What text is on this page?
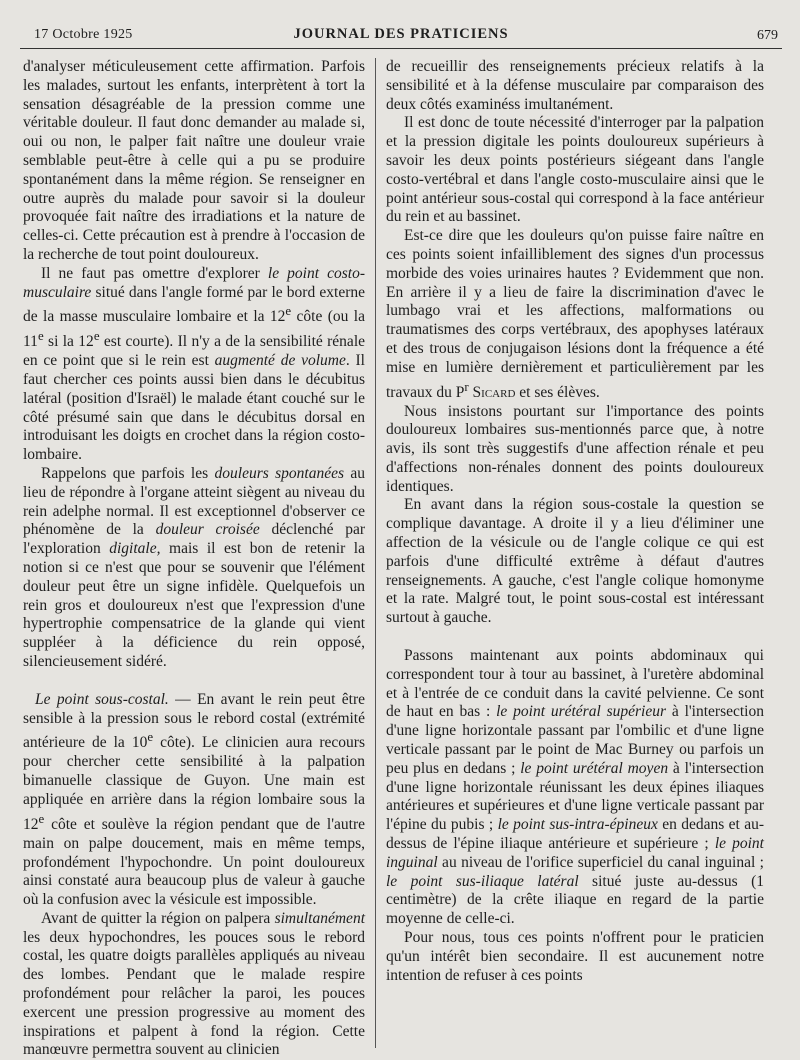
17 Octobre 1925	JOURNAL DES PRATICIENS	679

d'analyser méticuleusement cette affirmation. Parfois les malades, surtout les enfants, interprètent à tort la sensation désagréable de la pression comme une véritable douleur. Il faut donc demander au malade si, oui ou non, le palper fait naître une douleur vraie semblable peut-être à celle qui a pu se produire spontanément dans la même région. Se renseigner en outre auprès du malade pour savoir si la douleur provoquée fait naître des irradiations et la nature de celles-ci. Cette précaution est à prendre à l'occasion de la recherche de tout point douloureux.

Il ne faut pas omettre d'explorer le point costo-musculaire situé dans l'angle formé par le bord externe de la masse musculaire lombaire et la 12e côte (ou la 11e si la 12e est courte). Il n'y a de la sensibilité rénale en ce point que si le rein est augmenté de volume. Il faut chercher ces points aussi bien dans le décubitus latéral (position d'Israël) le malade étant couché sur le côté présumé sain que dans le décubitus dorsal en introduisant les doigts en crochet dans la région costo-lombaire.

Rappelons que parfois les douleurs spontanées au lieu de répondre à l'organe atteint siègent au niveau du rein adelphe normal. Il est exceptionnel d'observer ce phénomène de la douleur croisée déclenché par l'exploration digitale, mais il est bon de retenir la notion si ce n'est que pour se souvenir que l'élément douleur peut être un signe infidèle. Quelquefois un rein gros et douloureux n'est que l'expression d'une hypertrophie compensatrice de la glande qui vient suppléer à la déficience du rein opposé, silencieusement sidéré.

Le point sous-costal. — En avant le rein peut être sensible à la pression sous le rebord costal (extrémité antérieure de la 10e côte). Le clinicien aura recours pour chercher cette sensibilité à la palpation bimanuelle classique de Guyon. Une main est appliquée en arrière dans la région lombaire sous la 12e côte et soulève la région pendant que de l'autre main on palpe doucement, mais en même temps, profondément l'hypochondre. Un point douloureux ainsi constaté aura beaucoup plus de valeur à gauche où la confusion avec la vésicule est impossible.

Avant de quitter la région on palpera simultanément les deux hypochondres, les pouces sous le rebord costal, les quatre doigts parallèles appliqués au niveau des lombes. Pendant que le malade respire profondément pour relâcher la paroi, les pouces exercent une pression progressive au moment des inspirations et palpent à fond la région. Cette manœuvre permettra souvent au clinicien

de recueillir des renseignements précieux relatifs à la sensibilité et à la défense musculaire par comparaison des deux côtés examinéss imultanément.

Il est donc de toute nécessité d'interroger par la palpation et la pression digitale les points douloureux supérieurs à savoir les deux points postérieurs siégeant dans l'angle costo-vertébral et dans l'angle costo-musculaire ainsi que le point antérieur sous-costal qui correspond à la face antérieur du rein et au bassinet.

Est-ce dire que les douleurs qu'on puisse faire naître en ces points soient infailliblement des signes d'un processus morbide des voies urinaires hautes ? Evidemment que non. En arrière il y a lieu de faire la discrimination d'avec le lumbago vrai et les affections, malformations ou traumatismes des corps vertébraux, des apophyses latéraux et des trous de conjugaison lésions dont la fréquence a été mise en lumière dernièrement et particulièrement par les travaux du $P^r$ Sicard et ses élèves.

Nous insistons pourtant sur l'importance des points douloureux lombaires sus-mentionnés parce que, à notre avis, ils sont très suggestifs d'une affection rénale et peu d'affections non-rénales donnent des points douloureux identiques.

En avant dans la région sous-costale la question se complique davantage. A droite il y a lieu d'éliminer une affection de la vésicule ou de l'angle colique ce qui est parfois d'une difficulté extrême à défaut d'autres renseignements. A gauche, c'est l'angle colique homonyme et la rate. Malgré tout, le point sous-costal est intéressant surtout à gauche.

Passons maintenant aux points abdominaux qui correspondent tour à tour au bassinet, à l'uretère abdominal et à l'entrée de ce conduit dans la cavité pelvienne. Ce sont de haut en bas : le point urétéral supérieur à l'intersection d'une ligne horizontale passant par l'ombilic et d'une ligne verticale passant par le point de Mac Burney ou parfois un peu plus en dedans ; le point urétéral moyen à l'intersection d'une ligne horizontale réunissant les deux épines iliaques antérieures et supérieures et d'une ligne verticale passant par l'épine du pubis ; le point sus-intra-épineux en dedans et au-dessus de l'épine iliaque antérieure et supérieure ; le point inguinal au niveau de l'orifice superficiel du canal inguinal ; le point sus-iliaque latéral situé juste au-dessus (1 centimètre) de la crête iliaque en regard de la partie moyenne de celle-ci.

Pour nous, tous ces points n'offrent pour le praticien qu'un intérêt bien secondaire. Il est aucunement notre intention de refuser à ces points
